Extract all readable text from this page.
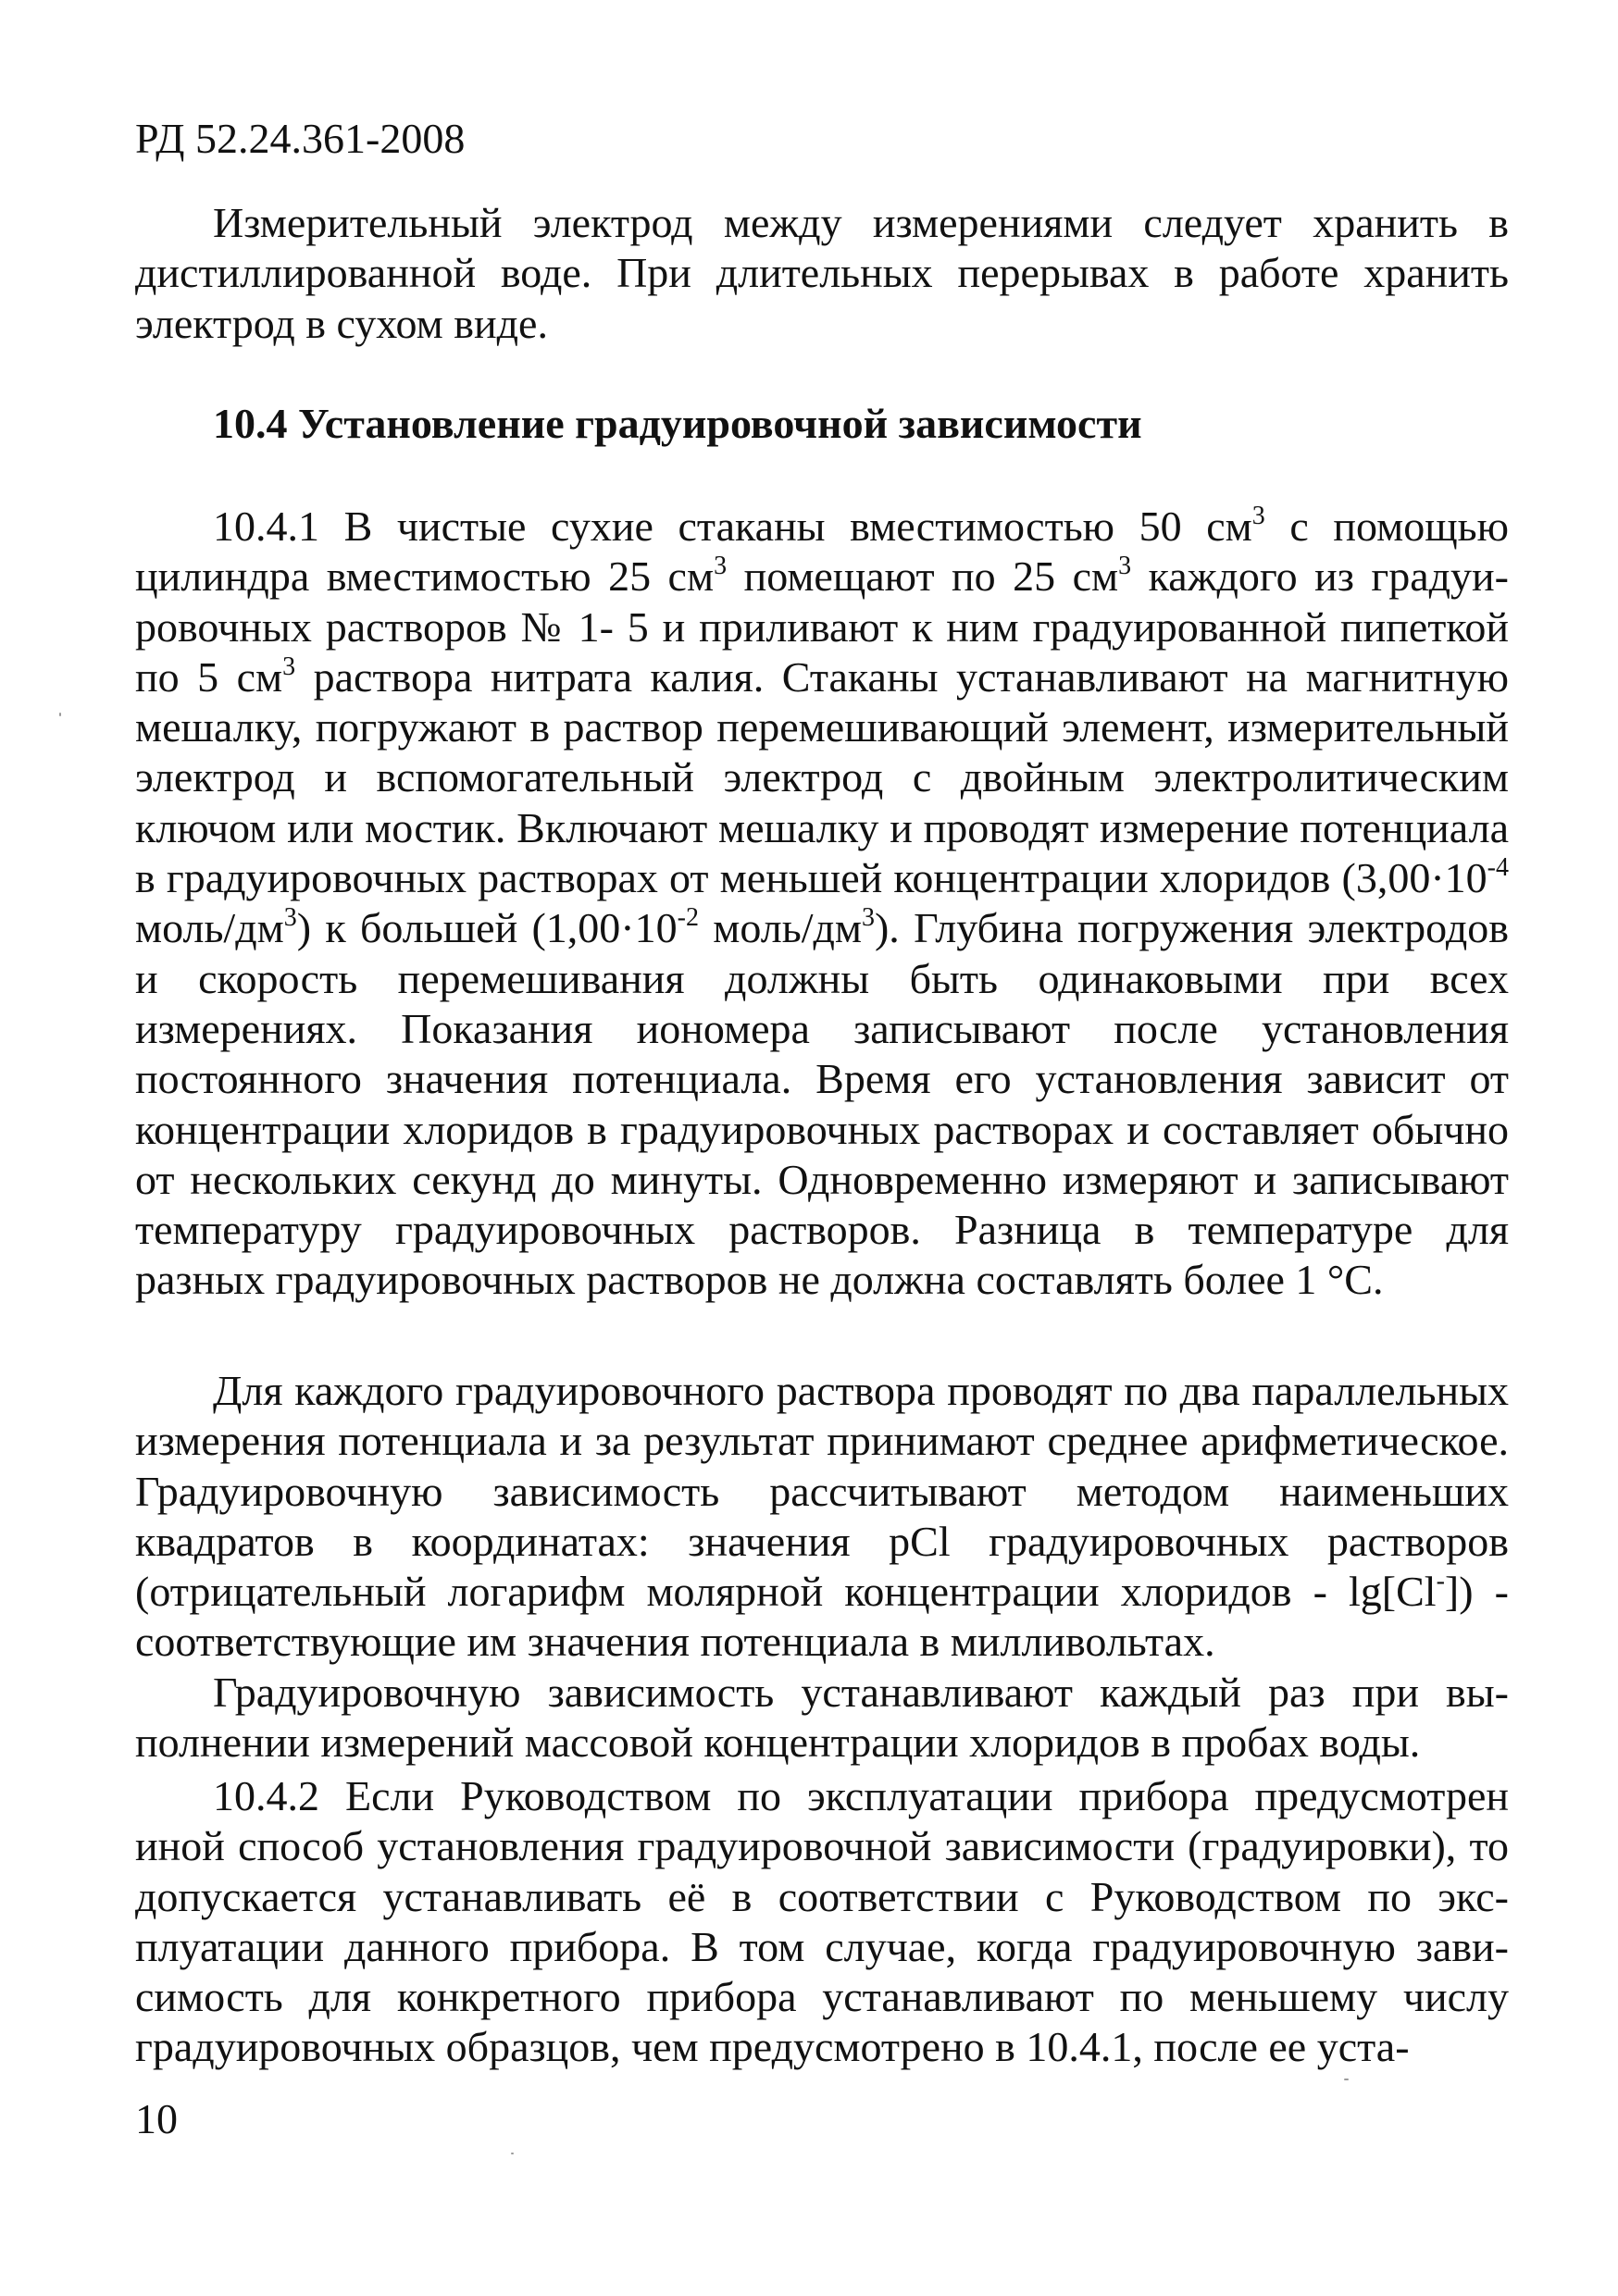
РД 52.24.361-2008

Измерительный электрод между измерениями следует хранить в дистиллированной воде. При длительных перерывах в работе хранить электрод в сухом виде.

10.4 Установление градуировочной зависимости

10.4.1 В чистые сухие стаканы вместимостью 50 $см^3$ с помощью цилиндра вместимостью 25 $см^3$ помещают по 25 $см^3$ каждого из градуировочных растворов № 1- 5 и приливают к ним градуированной пипеткой по 5 $см^3$ раствора нитрата калия. Стаканы устанавливают на магнитную мешалку, погружают в раствор перемешивающий элемент, измерительный электрод и вспомогательный электрод с двойным электролитическим ключом или мостик. Включают мешалку и проводят измерение потенциала в градуировочных растворах от меньшей концентрации хлоридов ($3,00\cdot 10^{-4}$ моль/$дм^3$) к большей ($1,00\cdot 10^{-2}$ моль/$дм^3$). Глубина погружения электродов и скорость перемешивания должны быть одинаковыми при всех измерениях. Показания иономера записывают после установления постоянного значения потенциала. Время его установления зависит от концентрации хлоридов в градуировочных растворах и составляет обычно от нескольких секунд до минуты. Одновременно измеряют и записывают температуру градуировочных растворов. Разница в температуре для разных градуировочных растворов не должна составлять более 1 °С.

Для каждого градуировочного раствора проводят по два параллельных измерения потенциала и за результат принимают среднее арифметическое. Градуировочную зависимость рассчитывают методом наименьших квадратов в координатах: значения pCl градуировочных растворов (отрицательный логарифм молярной концентрации хлоридов - lg[Cl-]) - соответствующие им значения потенциала в милливольтах.

Градуировочную зависимость устанавливают каждый раз при выполнении измерений массовой концентрации хлоридов в пробах воды.

10.4.2 Если Руководством по эксплуатации прибора предусмотрен иной способ установления градуировочной зависимости (градуировки), то допускается устанавливать её в соответствии с Руководством по эксплуатации данного прибора. В том случае, когда градуировочную зависимость для конкретного прибора устанавливают по меньшему числу градуировочных образцов, чем предусмотрено в 10.4.1, после ее уста-

10
